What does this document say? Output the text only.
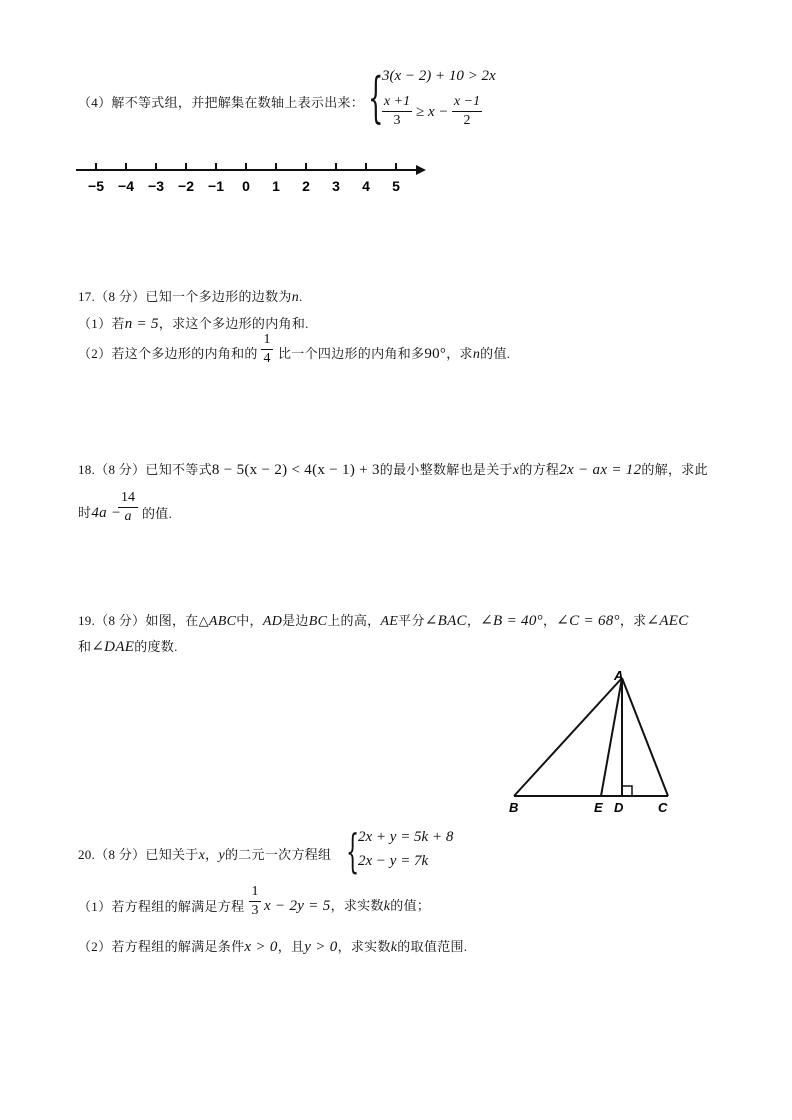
（4）解不等式组，并把解集在数轴上表示出来： {
3(x − 2) + 10 > 2x
x +1
3
≥ x −
x −1
2
−5 −4 −3 −2 −1 0 1 2 3 4 5
17.（8 分）已知一个多边形的边数为n.
（1）若n = 5，求这个多边形的内角和.
（2）若这个多边形的内角和的
1
4 比一个四边形的内角和多90°，求n的值.
18.（8 分）已知不等式8 − 5(x − 2) < 4(x − 1) + 3的最小整数解也是关于x的方程2x − ax = 12的解，求此
时4a −
14
a 的值.
19.（8 分）如图，在△ABC中，AD是边BC上的高，AE平分∠BAC，∠B = 40°，∠C = 68°，求∠AEC
和∠DAE的度数.
A
B	E D	C
20.（8 分）已知关于x，y的二元一次方程组 {
2x + y = 5k + 8
2x − y = 7k
（1）若方程组的解满足方程
1
3 x − 2y = 5，求实数k的值；
（2）若方程组的解满足条件x > 0，且y > 0，求实数k的取值范围.
